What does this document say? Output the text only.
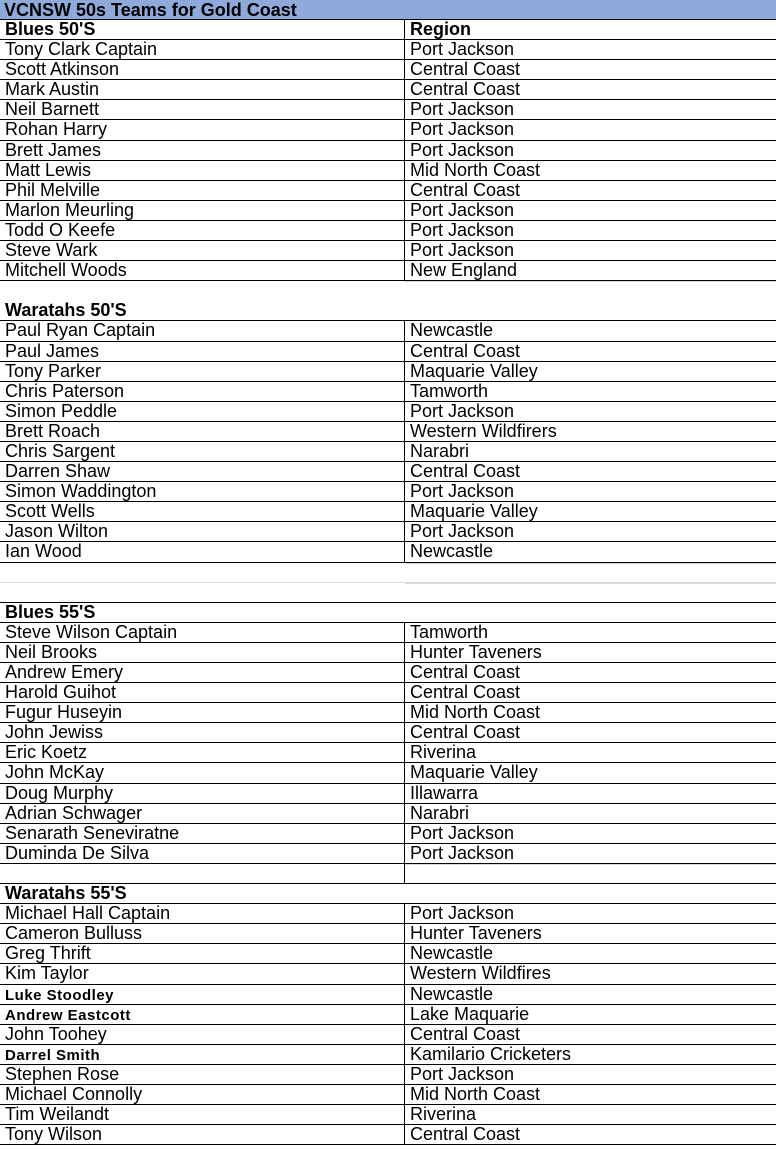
VCNSW 50s Teams for Gold Coast
Blues 50'S	Region
Tony Clark Captain	Port Jackson
Scott Atkinson	Central Coast
Mark Austin	Central Coast
Neil Barnett	Port Jackson
Rohan Harry	Port Jackson
Brett James	Port Jackson
Matt Lewis	Mid North Coast
Phil Melville	Central Coast
Marlon Meurling	Port Jackson
Todd O Keefe	Port Jackson
Steve Wark	Port Jackson
Mitchell Woods	New England
Waratahs 50'S
Paul Ryan Captain	Newcastle
Paul James	Central Coast
Tony Parker	Maquarie Valley
Chris Paterson	Tamworth
Simon Peddle	Port Jackson
Brett Roach	Western Wildfirers
Chris Sargent	Narabri
Darren Shaw	Central Coast
Simon Waddington	Port Jackson
Scott Wells	Maquarie Valley
Jason Wilton	Port Jackson
Ian Wood	Newcastle
Blues 55'S
Steve Wilson Captain	Tamworth
Neil Brooks	Hunter Taveners
Andrew Emery	Central Coast
Harold Guihot	Central Coast
Fugur Huseyin	Mid North Coast
John Jewiss	Central Coast
Eric Koetz	Riverina
John McKay	Maquarie Valley
Doug Murphy	Illawarra
Adrian Schwager	Narabri
Senarath Seneviratne	Port Jackson
Duminda De Silva	Port Jackson
Waratahs 55'S
Michael Hall Captain	Port Jackson
Cameron Bulluss	Hunter Taveners
Greg Thrift	Newcastle
Kim Taylor	Western Wildfires
Luke Stoodley	Newcastle
Andrew Eastcott	Lake Maquarie
John Toohey	Central Coast
Darrel Smith	Kamilario Cricketers
Stephen Rose	Port Jackson
Michael Connolly	Mid North Coast
Tim Weilandt	Riverina
Tony Wilson	Central Coast
